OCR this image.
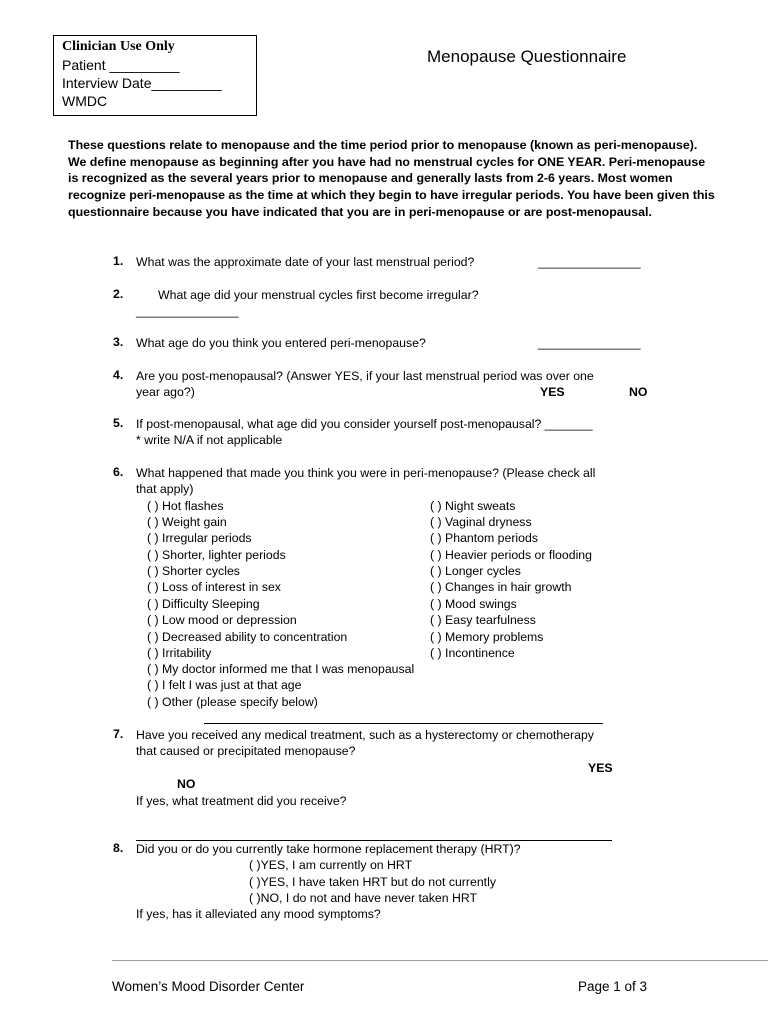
Clinician Use Only
Patient _________
Interview Date_________
WMDC
Menopause Questionnaire

These questions relate to menopause and the time period prior to menopause (known as peri-menopause). We define menopause as beginning after you have had no menstrual cycles for ONE YEAR. Peri-menopause is recognized as the several years prior to menopause and generally lasts from 2-6 years. Most women recognize peri-menopause as the time at which they begin to have irregular periods. You have been given this questionnaire because you have indicated that you are in peri-menopause or are post-menopausal.

1. What was the approximate date of your last menstrual period?	_______________
2.	What age did your menstrual cycles first become irregular?
_______________
3. What age do you think you entered peri-menopause?	_______________
4. Are you post-menopausal? (Answer YES, if your last menstrual period was over one
year ago?)	YES	NO
5. If post-menopausal, what age did you consider yourself post-menopausal? _______
* write N/A if not applicable
6. What happened that made you think you were in peri-menopause? (Please check all
that apply)
( ) Hot flashes
( ) Weight gain
( ) Irregular periods
( ) Shorter, lighter periods
( ) Shorter cycles
( ) Loss of interest in sex
( ) Difficulty Sleeping
( ) Low mood or depression
( ) Decreased ability to concentration
( ) Irritability
( ) My doctor informed me that I was menopausal
( ) I felt I was just at that age
( ) Other (please specify below)
( ) Night sweats
( ) Vaginal dryness
( ) Phantom periods
( ) Heavier periods or flooding
( ) Longer cycles
( ) Changes in hair growth
( ) Mood swings
( ) Easy tearfulness
( ) Memory problems
( ) Incontinence
7. Have you received any medical treatment, such as a hysterectomy or chemotherapy
that caused or precipitated menopause?
YES
NO
If yes, what treatment did you receive?
8. Did you or do you currently take hormone replacement therapy (HRT)?
( )YES, I am currently on HRT
( )YES, I have taken HRT but do not currently
( )NO, I do not and have never taken HRT
If yes, has it alleviated any mood symptoms?
Women’s Mood Disorder Center	Page 1 of 3
